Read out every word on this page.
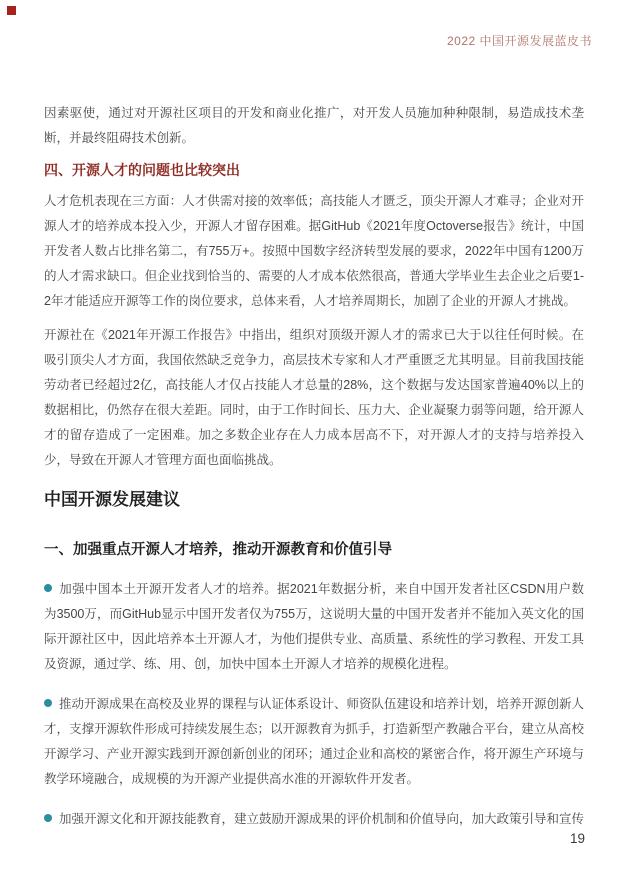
2022 中国开源发展蓝皮书

因素驱使，通过对开源社区项目的开发和商业化推广，对开发人员施加种种限制，易造成技术垄断，并最终阻碍技术创新。

四、开源人才的问题也比较突出

人才危机表现在三方面：人才供需对接的效率低；高技能人才匮乏，顶尖开源人才难寻；企业对开源人才的培养成本投入少，开源人才留存困难。据GitHub《2021年度Octoverse报告》统计，中国开发者人数占比排名第二，有755万+。按照中国数字经济转型发展的要求，2022年中国有1200万的人才需求缺口。但企业找到恰当的、需要的人才成本依然很高，普通大学毕业生去企业之后要1-2年才能适应开源等工作的岗位要求，总体来看，人才培养周期长，加剧了企业的开源人才挑战。

开源社在《2021年开源工作报告》中指出，组织对顶级开源人才的需求已大于以往任何时候。在吸引顶尖人才方面，我国依然缺乏竞争力，高层技术专家和人才严重匮乏尤其明显。目前我国技能劳动者已经超过2亿，高技能人才仅占技能人才总量的28%，这个数据与发达国家普遍40%以上的数据相比，仍然存在很大差距。同时，由于工作时间长、压力大、企业凝聚力弱等问题，给开源人才的留存造成了一定困难。加之多数企业存在人力成本居高不下，对开源人才的支持与培养投入少，导致在开源人才管理方面也面临挑战。

中国开源发展建议
一、加强重点开源人才培养，推动开源教育和价值引导

加强中国本土开源开发者人才的培养。据2021年数据分析，来自中国开发者社区CSDN用户数为3500万，而GitHub显示中国开发者仅为755万，这说明大量的中国开发者并不能加入英文化的国际开源社区中，因此培养本土开源人才，为他们提供专业、高质量、系统性的学习教程、开发工具及资源，通过学、练、用、创，加快中国本土开源人才培养的规模化进程。

推动开源成果在高校及业界的课程与认证体系设计、师资队伍建设和培养计划，培养开源创新人才，支撑开源软件形成可持续发展生态；以开源教育为抓手，打造新型产教融合平台，建立从高校开源学习、产业开源实践到开源创新创业的闭环；通过企业和高校的紧密合作，将开源生产环境与教学环境融合，成规模的为开源产业提供高水准的开源软件开发者。

加强开源文化和开源技能教育，建立鼓励开源成果的评价机制和价值导向，加大政策引导和宣传

19
